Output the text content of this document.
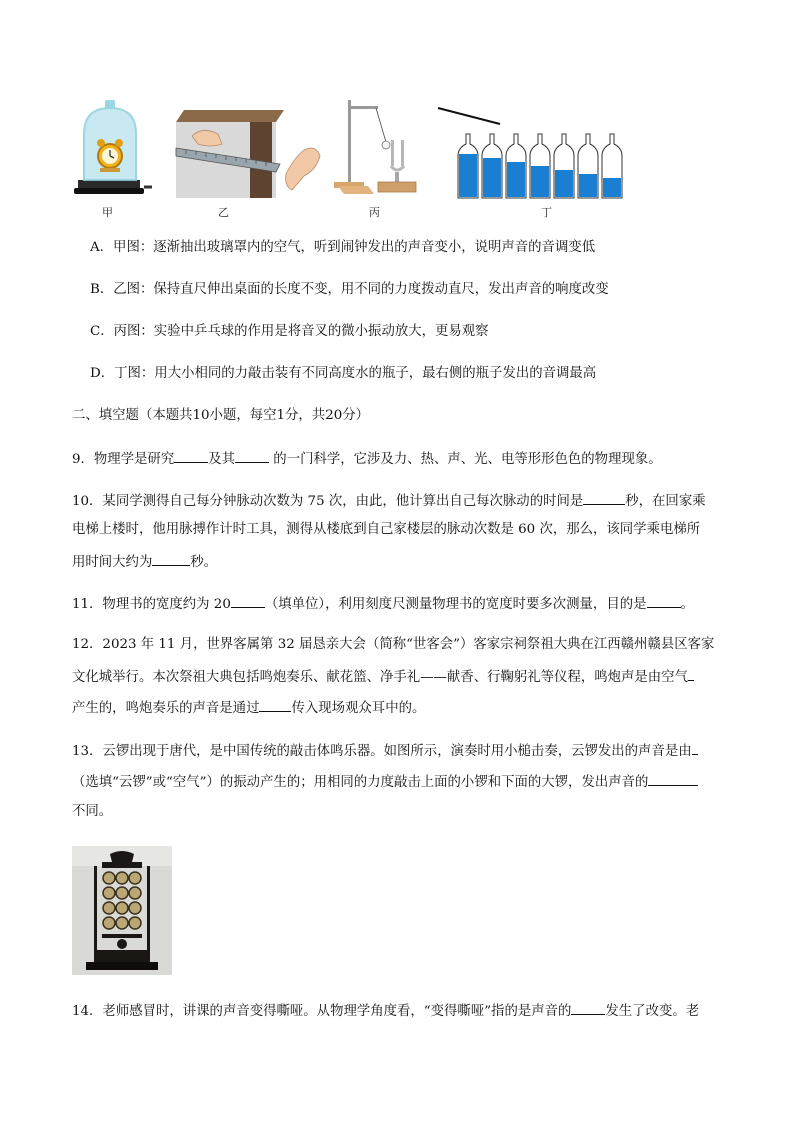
甲	乙	丙	丁
A．甲图：逐渐抽出玻璃罩内的空气，听到闹钟发出的声音变小，说明声音的音调变低
B．乙图：保持直尺伸出桌面的长度不变，用不同的力度拨动直尺，发出声音的响度改变
C．丙图：实验中乒乓球的作用是将音叉的微小振动放大，更易观察
D．丁图：用大小相同的力敲击装有不同高度水的瓶子，最右侧的瓶子发出的音调最高
二、填空题（本题共10小题，每空1分，共20分）
9．物理学是研究	及其	的一门科学，它涉及力、热、声、光、电等形形色色的物理现象。
10．某同学测得自己每分钟脉动次数为 75 次，由此，他计算出自己每次脉动的时间是	秒，在回家乘
电梯上楼时，他用脉搏作计时工具，测得从楼底到自己家楼层的脉动次数是 60 次，那么，该同学乘电梯所
用时间大约为	秒。
11．物理书的宽度约为 20	（填单位），利用刻度尺测量物理书的宽度时要多次测量，目的是	。
12．2023 年 11 月，世界客属第 32 届恳亲大会（简称“世客会”）客家宗祠祭祖大典在江西赣州赣县区客家
文化城举行。本次祭祖大典包括鸣炮奏乐、献花篮、净手礼——献香、行鞠躬礼等仪程，鸣炮声是由空气
产生的，鸣炮奏乐的声音是通过 传入现场观众耳中的。
13．云锣出现于唐代，是中国传统的敲击体鸣乐器。如图所示，演奏时用小槌击奏，云锣发出的声音是由
（选填“云锣”或“空气”）的振动产生的；用相同的力度敲击上面的小锣和下面的大锣，发出声音的
不同。
14．老师感冒时，讲课的声音变得嘶哑。从物理学角度看，“变得嘶哑”指的是声音的	发生了改变。老
